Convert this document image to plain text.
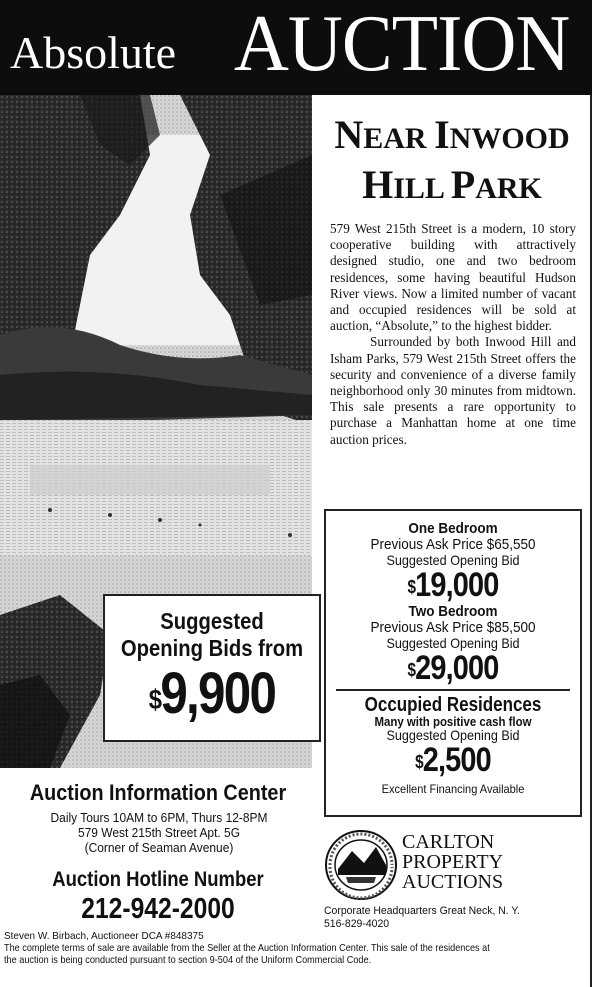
Absolute AUCTION
NEAR INWOOD
HILL PARK

579 West 215th Street is a modern, 10 story cooperative building with attractively designed studio, one and two bedroom residences, some having beautiful Hudson River views. Now a limited number of vacant and occupied residences will be sold at auction, “Absolute,” to the highest bidder.

Surrounded by both Inwood Hill and Isham Parks, 579 West 215th Street offers the security and convenience of a diverse family neighborhood only 30 minutes from midtown. This sale presents a rare opportunity to purchase a Manhattan home at one time auction prices.

One Bedroom
Previous Ask Price $65,550
Suggested Opening Bid
$19,000
Two Bedroom
Previous Ask Price $85,500
Suggested Opening Bid
$29,000
Occupied Residences
Many with positive cash flow
Suggested Opening Bid
$2,500
Excellent Financing Available
Suggested
Opening Bids from
$9,900
Auction Information Center
Daily Tours 10AM to 6PM, Thurs 12-8PM
579 West 215th Street Apt. 5G
(Corner of Seaman Avenue)
Auction Hotline Number
212-942-2000
CARLTON
PROPERTY
AUCTIONS
Corporate Headquarters Great Neck, N. Y.
516-829-4020
Steven W. Birbach, Auctioneer DCA #848375
The complete terms of sale are available from the Seller at the Auction Information Center. This sale of the residences at
the auction is being conducted pursuant to section 9-504 of the Uniform Commercial Code.
